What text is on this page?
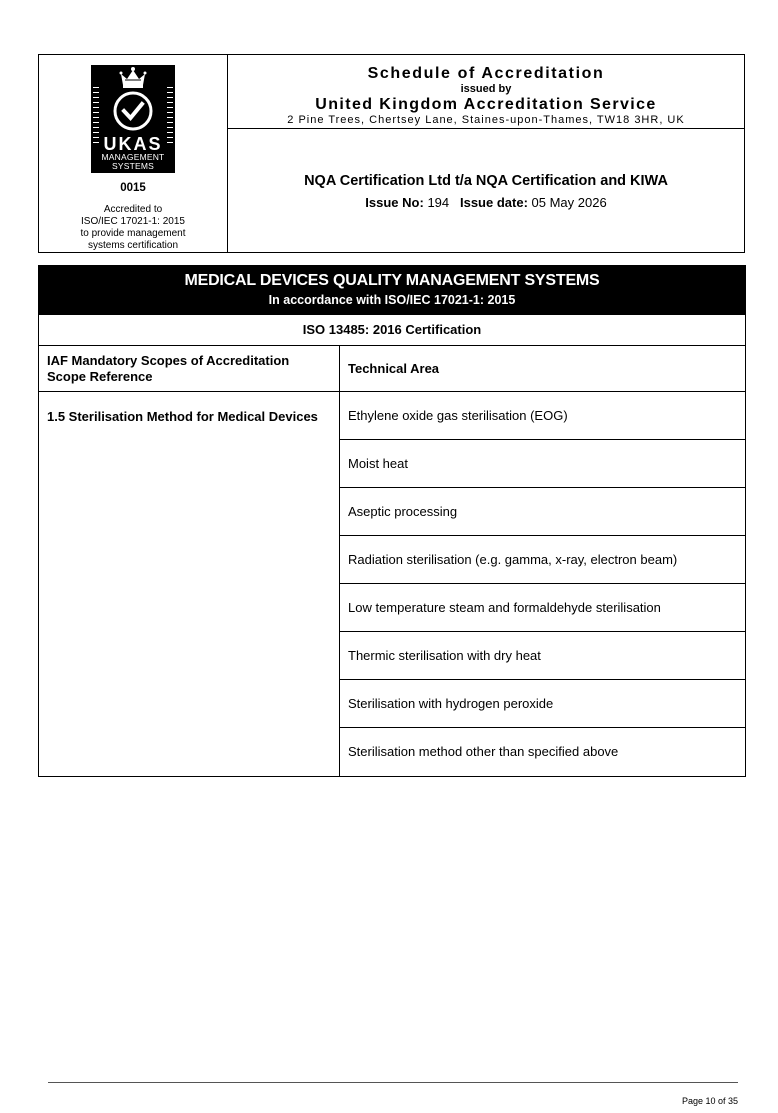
UKAS
MANAGEMENT
SYSTEMS
0015
Accredited to
ISO/IEC 17021-1: 2015
to provide management
systems certification
Schedule of Accreditation
issued by
United Kingdom Accreditation Service
2 Pine Trees, Chertsey Lane, Staines-upon-Thames, TW18 3HR, UK
NQA Certification Ltd t/a NQA Certification and KIWA
Issue No: 194 Issue date: 05 May 2026
MEDICAL DEVICES QUALITY MANAGEMENT SYSTEMS
In accordance with ISO/IEC 17021-1: 2015
ISO 13485: 2016 Certification
IAF Mandatory Scopes of Accreditation Scope Reference
Technical Area
1.5 Sterilisation Method for Medical Devices	Ethylene oxide gas sterilisation (EOG)
Moist heat
Aseptic processing
Radiation sterilisation (e.g. gamma, x-ray, electron beam)
Low temperature steam and formaldehyde sterilisation
Thermic sterilisation with dry heat
Sterilisation with hydrogen peroxide
Sterilisation method other than specified above
Page 10 of 35
